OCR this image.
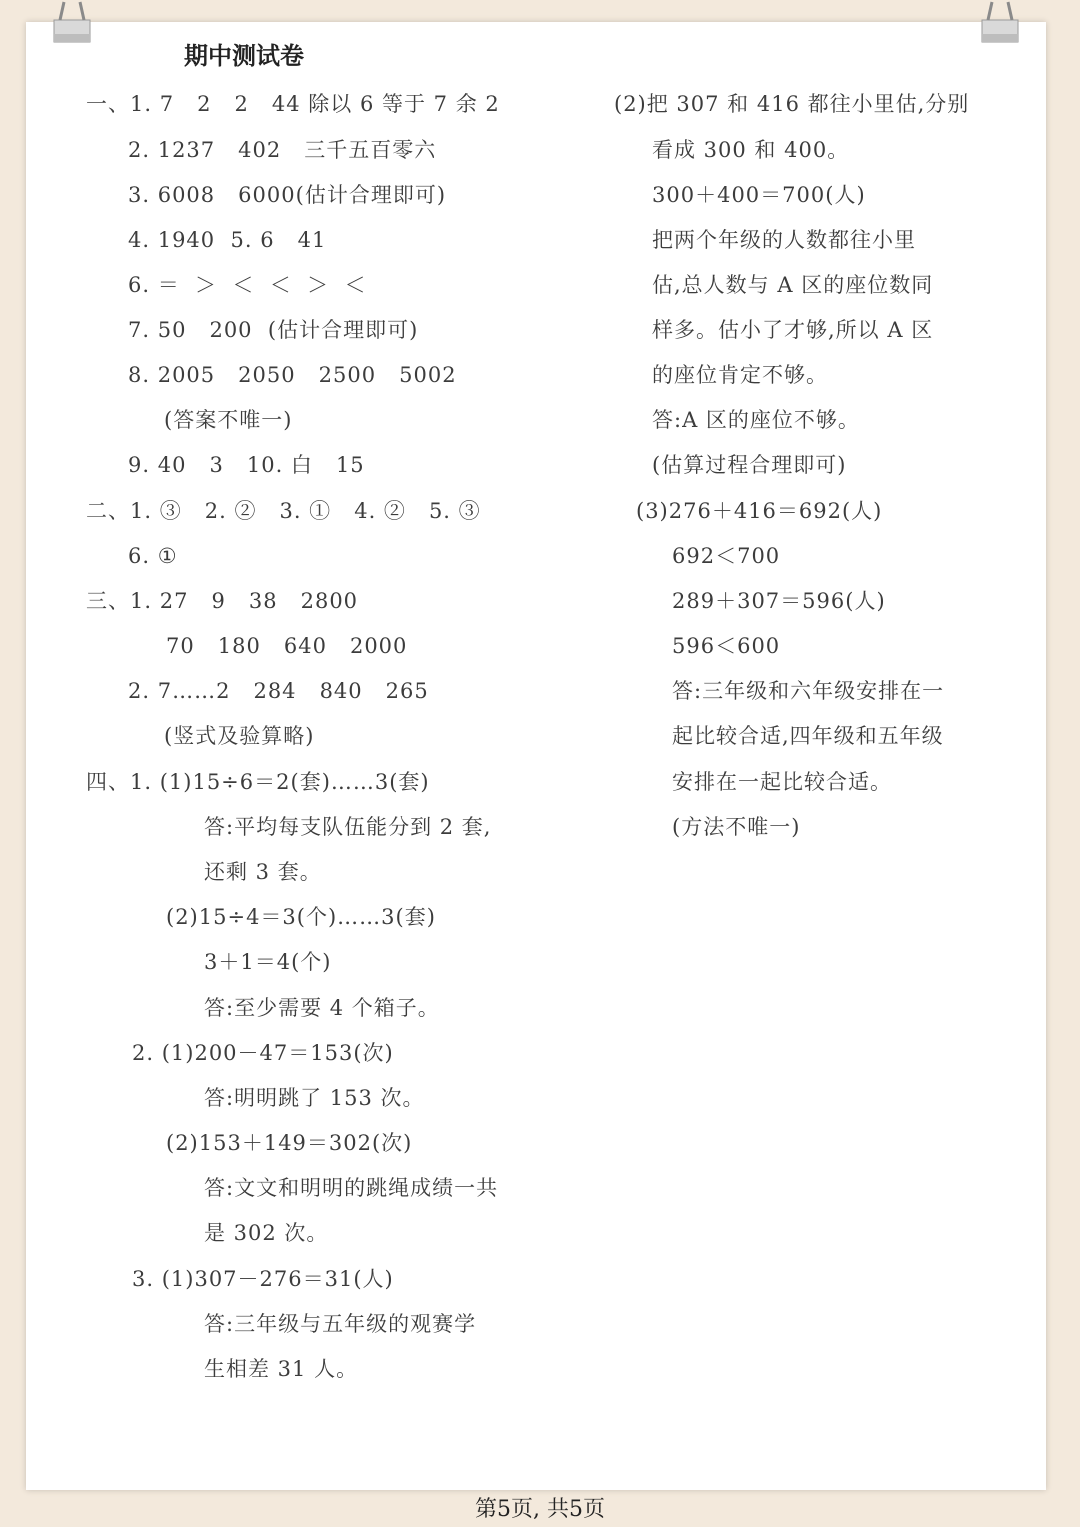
期中测试卷
一、1. 7   2   2   44 除以 6 等于 7 余 2
2. 1237   402   三千五百零六
3. 6008   6000(估计合理即可)
4. 1940  5. 6   41
6. ＝  ＞  ＜  ＜  ＞  ＜
7. 50   200  (估计合理即可)
8. 2005   2050   2500   5002
(答案不唯一)
9. 40   3   10. 白   15
二、1. ③   2. ②   3. ①   4. ②   5. ③
6. ①
三、1. 27   9   38   2800
70   180   640   2000
2. 7……2   284   840   265
(竖式及验算略)
四、1. (1)15÷6＝2(套)……3(套)
答:平均每支队伍能分到 2 套,
还剩 3 套。
(2)15÷4＝3(个)……3(套)
3＋1＝4(个)
答:至少需要 4 个箱子。
2. (1)200－47＝153(次)
答:明明跳了 153 次。
(2)153＋149＝302(次)
答:文文和明明的跳绳成绩一共
是 302 次。
3. (1)307－276＝31(人)
答:三年级与五年级的观赛学
生相差 31 人。
(2)把 307 和 416 都往小里估,分别
看成 300 和 400。
300＋400＝700(人)
把两个年级的人数都往小里
估,总人数与 A 区的座位数同
样多。估小了才够,所以 A 区
的座位肯定不够。
答:A 区的座位不够。
(估算过程合理即可)
(3)276＋416＝692(人)
692＜700
289＋307＝596(人)
596＜600
答:三年级和六年级安排在一
起比较合适,四年级和五年级
安排在一起比较合适。
(方法不唯一)
第5页, 共5页
